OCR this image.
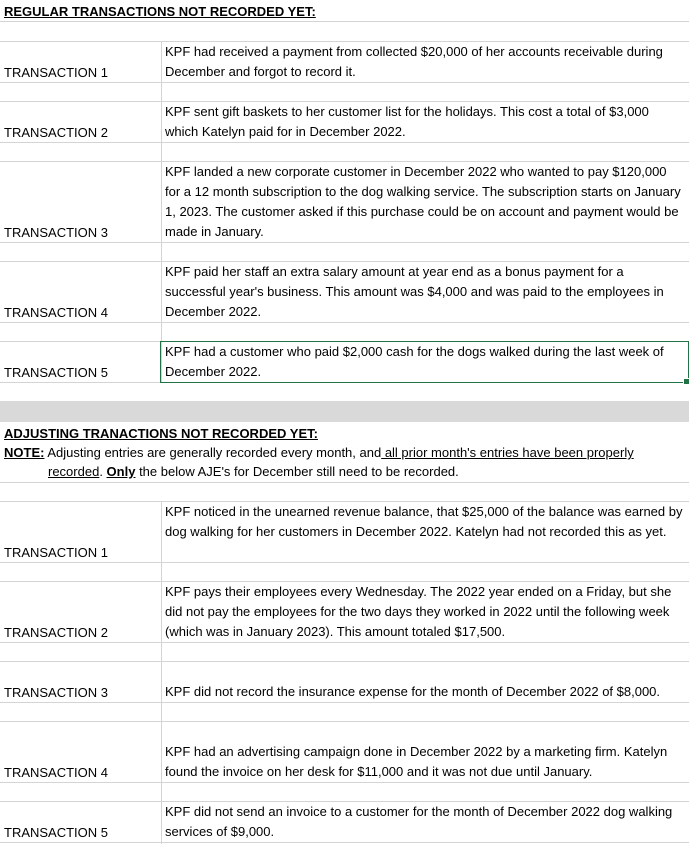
REGULAR TRANSACTIONS NOT RECORDED YET:
TRANSACTION 1
KPF had received a payment from collected $20,000 of her accounts receivable during December and forgot to record it.
TRANSACTION 2
KPF sent gift baskets to her customer list for the holidays. This cost a total of $3,000 which Katelyn paid for in December 2022.
TRANSACTION 3
KPF landed a new corporate customer in December 2022 who wanted to pay $120,000 for a 12 month subscription to the dog walking service. The subscription starts on January 1, 2023. The customer asked if this purchase could be on account and payment would be made in January.
TRANSACTION 4
KPF paid her staff an extra salary amount at year end as a bonus payment for a successful year's business. This amount was $4,000 and was paid to the employees in December 2022.
TRANSACTION 5
KPF had a customer who paid $2,000 cash for the dogs walked during the last week of December 2022.
ADJUSTING TRANACTIONS NOT RECORDED YET:
NOTE: Adjusting entries are generally recorded every month, and all prior month's entries have been properly
recorded. Only the below AJE's for December still need to be recorded.
TRANSACTION 1
KPF noticed in the unearned revenue balance, that $25,000 of the balance was earned by dog walking for her customers in December 2022. Katelyn had not recorded this as yet.
TRANSACTION 2
KPF pays their employees every Wednesday. The 2022 year ended on a Friday, but she did not pay the employees for the two days they worked in 2022 until the following week (which was in January 2023). This amount totaled $17,500.
TRANSACTION 3	KPF did not record the insurance expense for the month of December 2022 of $8,000.
TRANSACTION 4
KPF had an advertising campaign done in December 2022 by a marketing firm. Katelyn found the invoice on her desk for $11,000 and it was not due until January.
TRANSACTION 5
KPF did not send an invoice to a customer for the month of December 2022 dog walking services of $9,000.
